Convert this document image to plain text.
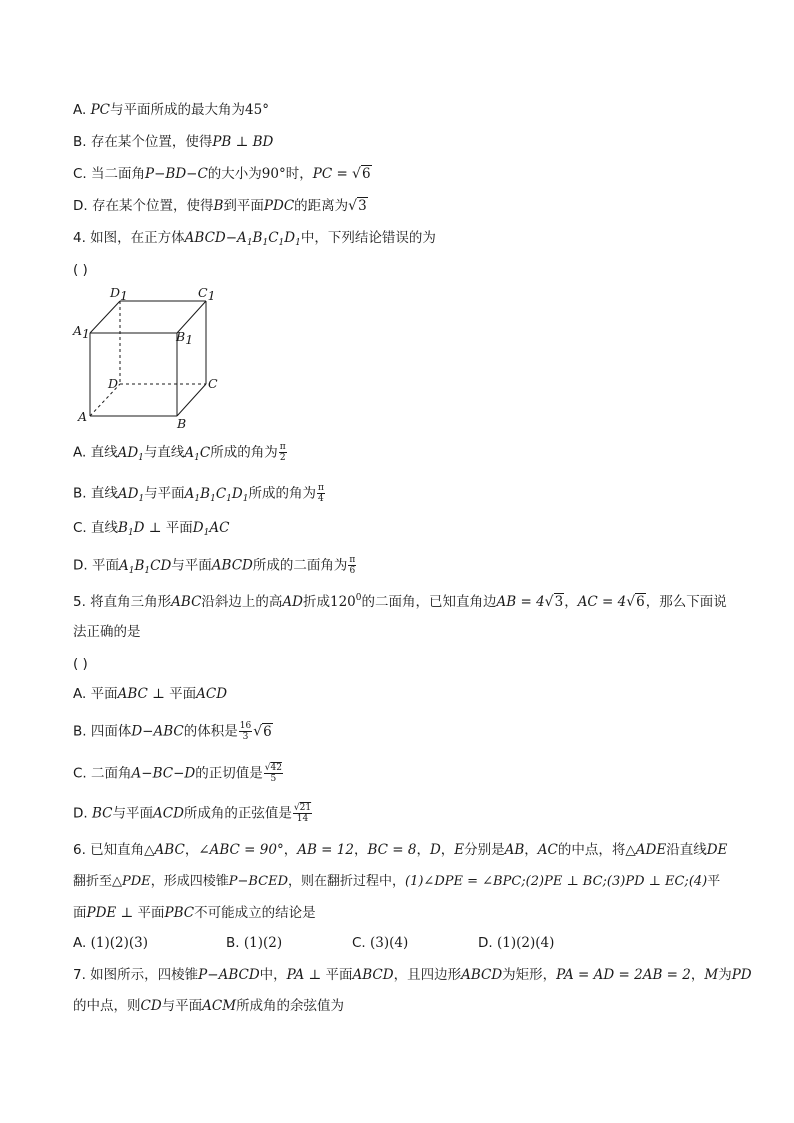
A. PC与平面所成的最大角为45°
B. 存在某个位置，使得PB ⊥ BD
C. 当二面角P−BD−C的大小为90°时，PC = √6
D. 存在某个位置，使得B到平面PDC的距离为√3
4. 如图，在正方体$ABCD-A_1B_1C_1D_1$中，下列结论错误的为
( )
D1	C1
A1	B1
D	C
A	B
A. 直线$AD_1$与直线$A_1C$所成的角为 $\frac{\pi}{2}$
B. 直线$AD_1$与平面$A_1B_1C_1D_1$所成的角为 $\frac{\pi}{4}$
C. 直线$B_1D$ ⊥ 平面$D_1AC$
D. 平面$A_1B_1CD$与平面ABCD所成的二面角为 $\frac{\pi}{6}$
5. 将直角三角形ABC沿斜边上的高AD折成$120^0$的二面角，已知直角边AB = 4√3，AC = 4√6，那么下面说
法正确的是
( )
A. 平面ABC ⊥ 平面ACD
B. 四面体D−ABC的体积是 $\frac{16}{3} √6$
C. 二面角A−BC−D的正切值是 $\frac{√42}{5}$
D. BC与平面ACD所成角的正弦值是 $\frac{√21}{14}$
6. 已知直角△ABC，∠ABC = 90°，AB = 12，BC = 8，D，E分别是AB，AC的中点，将△ADE沿直线DE
翻折至△PDE，形成四棱锥P−BCED，则在翻折过程中，(1)∠DPE = ∠BPC;(2)PE ⊥ BC;(3)PD ⊥ EC;(4)平
面PDE ⊥ 平面PBC不可能成立的结论是
A. (1)(2)(3)	B. (1)(2)	C. (3)(4)	D. (1)(2)(4)
7. 如图所示，四棱锥P−ABCD中，PA ⊥ 平面ABCD，且四边形ABCD为矩形，PA = AD = 2AB = 2，M为PD
的中点，则CD与平面ACM所成角的余弦值为
